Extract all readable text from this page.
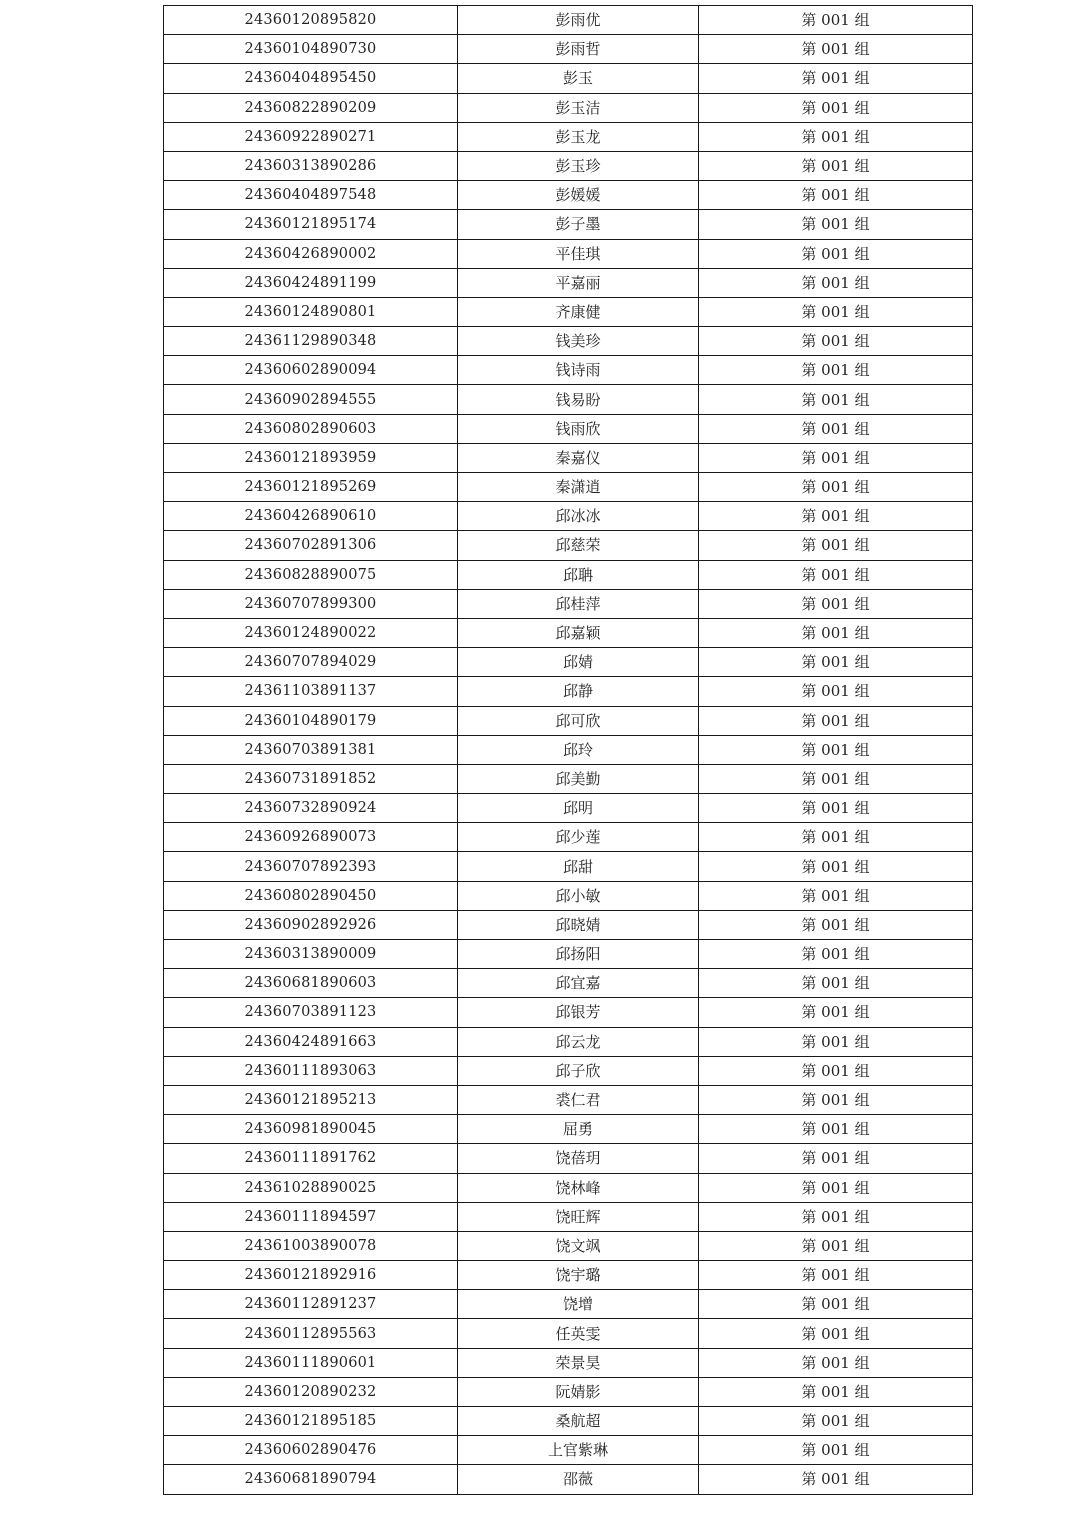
24360120895820	彭雨优	第 001 组
24360104890730	彭雨哲	第 001 组
24360404895450	彭玉	第 001 组
24360822890209	彭玉洁	第 001 组
24360922890271	彭玉龙	第 001 组
24360313890286	彭玉珍	第 001 组
24360404897548	彭媛媛	第 001 组
24360121895174	彭子墨	第 001 组
24360426890002	平佳琪	第 001 组
24360424891199	平嘉丽	第 001 组
24360124890801	齐康健	第 001 组
24361129890348	钱美珍	第 001 组
24360602890094	钱诗雨	第 001 组
24360902894555	钱易盼	第 001 组
24360802890603	钱雨欣	第 001 组
24360121893959	秦嘉仪	第 001 组
24360121895269	秦潇逍	第 001 组
24360426890610	邱冰冰	第 001 组
24360702891306	邱慈荣	第 001 组
24360828890075	邱聃	第 001 组
24360707899300	邱桂萍	第 001 组
24360124890022	邱嘉颖	第 001 组
24360707894029	邱婧	第 001 组
24361103891137	邱静	第 001 组
24360104890179	邱可欣	第 001 组
24360703891381	邱玲	第 001 组
24360731891852	邱美勤	第 001 组
24360732890924	邱明	第 001 组
24360926890073	邱少莲	第 001 组
24360707892393	邱甜	第 001 组
24360802890450	邱小敏	第 001 组
24360902892926	邱晓婧	第 001 组
24360313890009	邱扬阳	第 001 组
24360681890603	邱宜嘉	第 001 组
24360703891123	邱银芳	第 001 组
24360424891663	邱云龙	第 001 组
24360111893063	邱子欣	第 001 组
24360121895213	裘仁君	第 001 组
24360981890045	屈勇	第 001 组
24360111891762	饶蓓玥	第 001 组
24361028890025	饶林峰	第 001 组
24360111894597	饶旺辉	第 001 组
24361003890078	饶文飒	第 001 组
24360121892916	饶宇璐	第 001 组
24360112891237	饶增	第 001 组
24360112895563	任英雯	第 001 组
24360111890601	荣景昊	第 001 组
24360120890232	阮婧影	第 001 组
24360121895185	桑航超	第 001 组
24360602890476	上官紫琳	第 001 组
24360681890794	邵薇	第 001 组
